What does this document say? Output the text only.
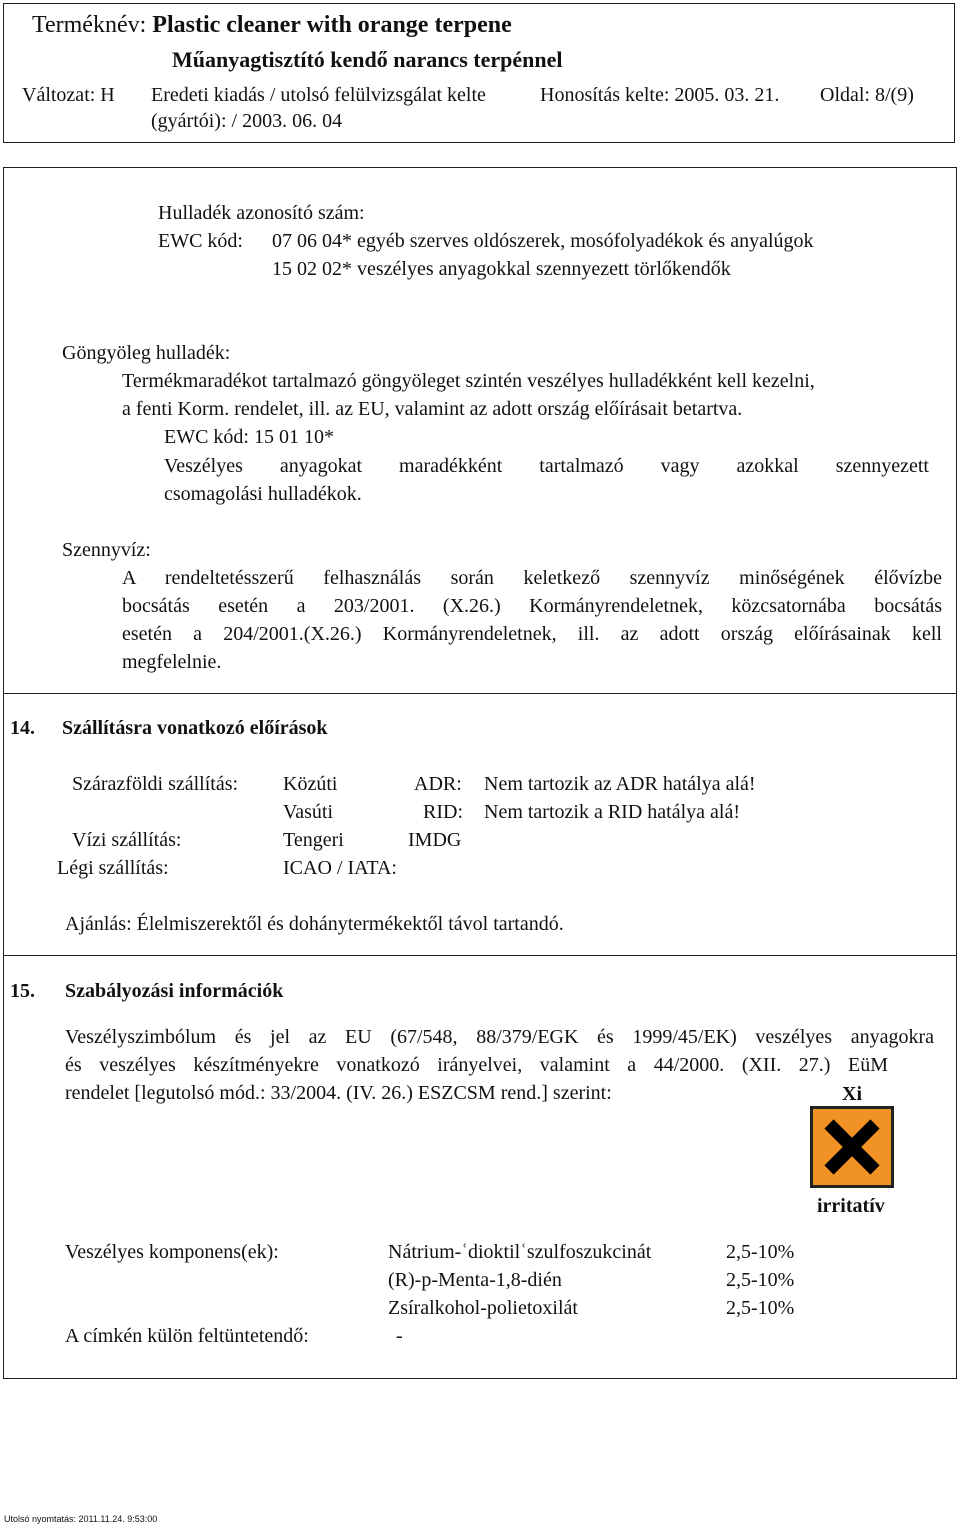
Terméknév: Plastic cleaner with orange terpene
Műanyagtisztító kendő narancs terpénnel
Változat: H Eredeti kiadás / utolsó felülvizsgálat kelte
(gyártói): / 2003. 06. 04
Honosítás kelte: 2005. 03. 21. Oldal: 8/(9)
Hulladék azonosító szám:
EWC kód: 07 06 04* egyéb szerves oldószerek, mosófolyadékok és anyalúgok
15 02 02* veszélyes anyagokkal szennyezett törlőkendők
Göngyöleg hulladék:
Termékmaradékot tartalmazó göngyöleget szintén veszélyes hulladékként kell kezelni,
a fenti Korm. rendelet, ill. az EU, valamint az adott ország előírásait betartva.
EWC kód: 15 01 10*
Veszélyes anyagokat maradékként tartalmazó vagy azokkal szennyezett
csomagolási hulladékok.
Szennyvíz:
A rendeltetésszerű felhasználás során keletkező szennyvíz minőségének élővízbe
bocsátás esetén a 203/2001. (X.26.) Kormányrendeletnek, közcsatornába bocsátás
esetén a 204/2001.(X.26.) Kormányrendeletnek, ill. az adott ország előírásainak kell
megfelelnie.
14. Szállításra vonatkozó előírások
Szárazföldi szállítás: Közúti	ADR: Nem tartozik az ADR hatálya alá!
Vasúti	RID: Nem tartozik a RID hatálya alá!
Vízi szállítás:	Tengeri	IMDG
Légi szállítás:	ICAO / IATA:
Ajánlás: Élelmiszerektől és dohánytermékektől távol tartandó.
15. Szabályozási információk
Veszélyszimbólum és jel az EU (67/548, 88/379/EGK és 1999/45/EK) veszélyes anyagokra
és veszélyes készítményekre vonatkozó irányelvei, valamint a 44/2000. (XII. 27.) EüM
rendelet [legutolsó mód.: 33/2004. (IV. 26.) ESZCSM rend.] szerint:	Xi
irritatív
Veszélyes komponens(ek):	Nátrium-ʿdioktilʿszulfoszukcinát	2,5-10%
(R)-p-Menta-1,8-dién	2,5-10%
Zsíralkohol-polietoxilát	2,5-10%
A címkén külön feltüntetendő:	-
Utolsó nyomtatás: 2011.11.24. 9:53:00
